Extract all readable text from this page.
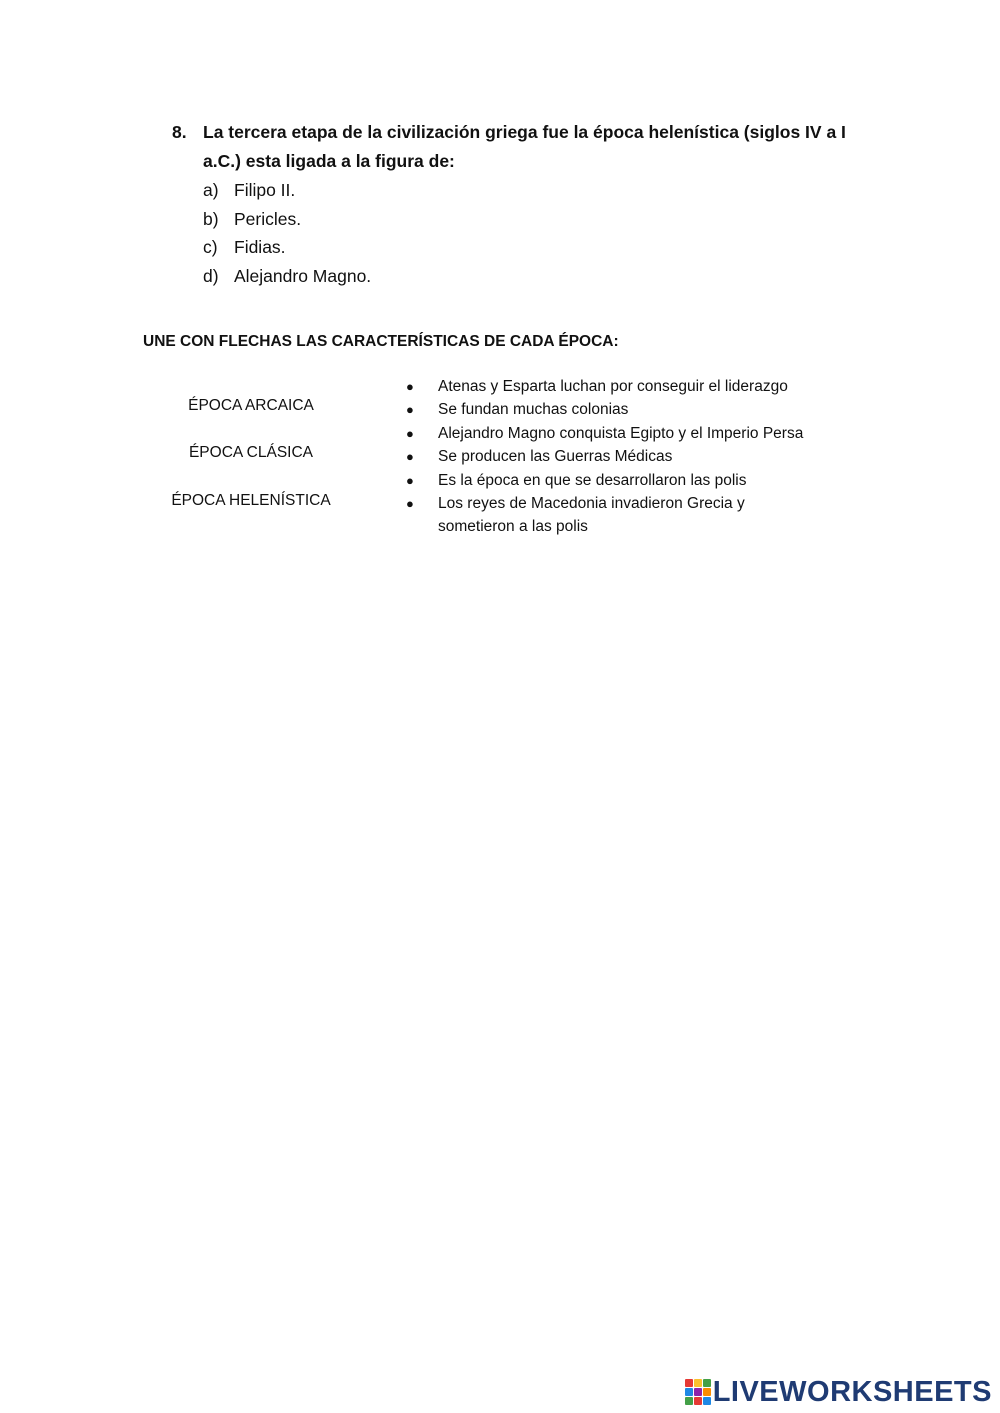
8. La tercera etapa de la civilización griega fue la época helenística (siglos IV a I
a.C.) esta ligada a la figura de:
a) Filipo II.
b) Pericles.
c) Fidias.
d) Alejandro Magno.
UNE CON FLECHAS LAS CARACTERÍSTICAS DE CADA ÉPOCA:
ÉPOCA ARCAICA
ÉPOCA CLÁSICA
ÉPOCA HELENÍSTICA
●	Atenas y Esparta luchan por conseguir el liderazgo
●	Se fundan muchas colonias
●	Alejandro Magno conquista Egipto y el Imperio Persa
●	Se producen las Guerras Médicas
●	Es la época en que se desarrollaron las polis
●	Los reyes de Macedonia invadieron Grecia y
sometieron a las polis
LIVEWORKSHEETS
